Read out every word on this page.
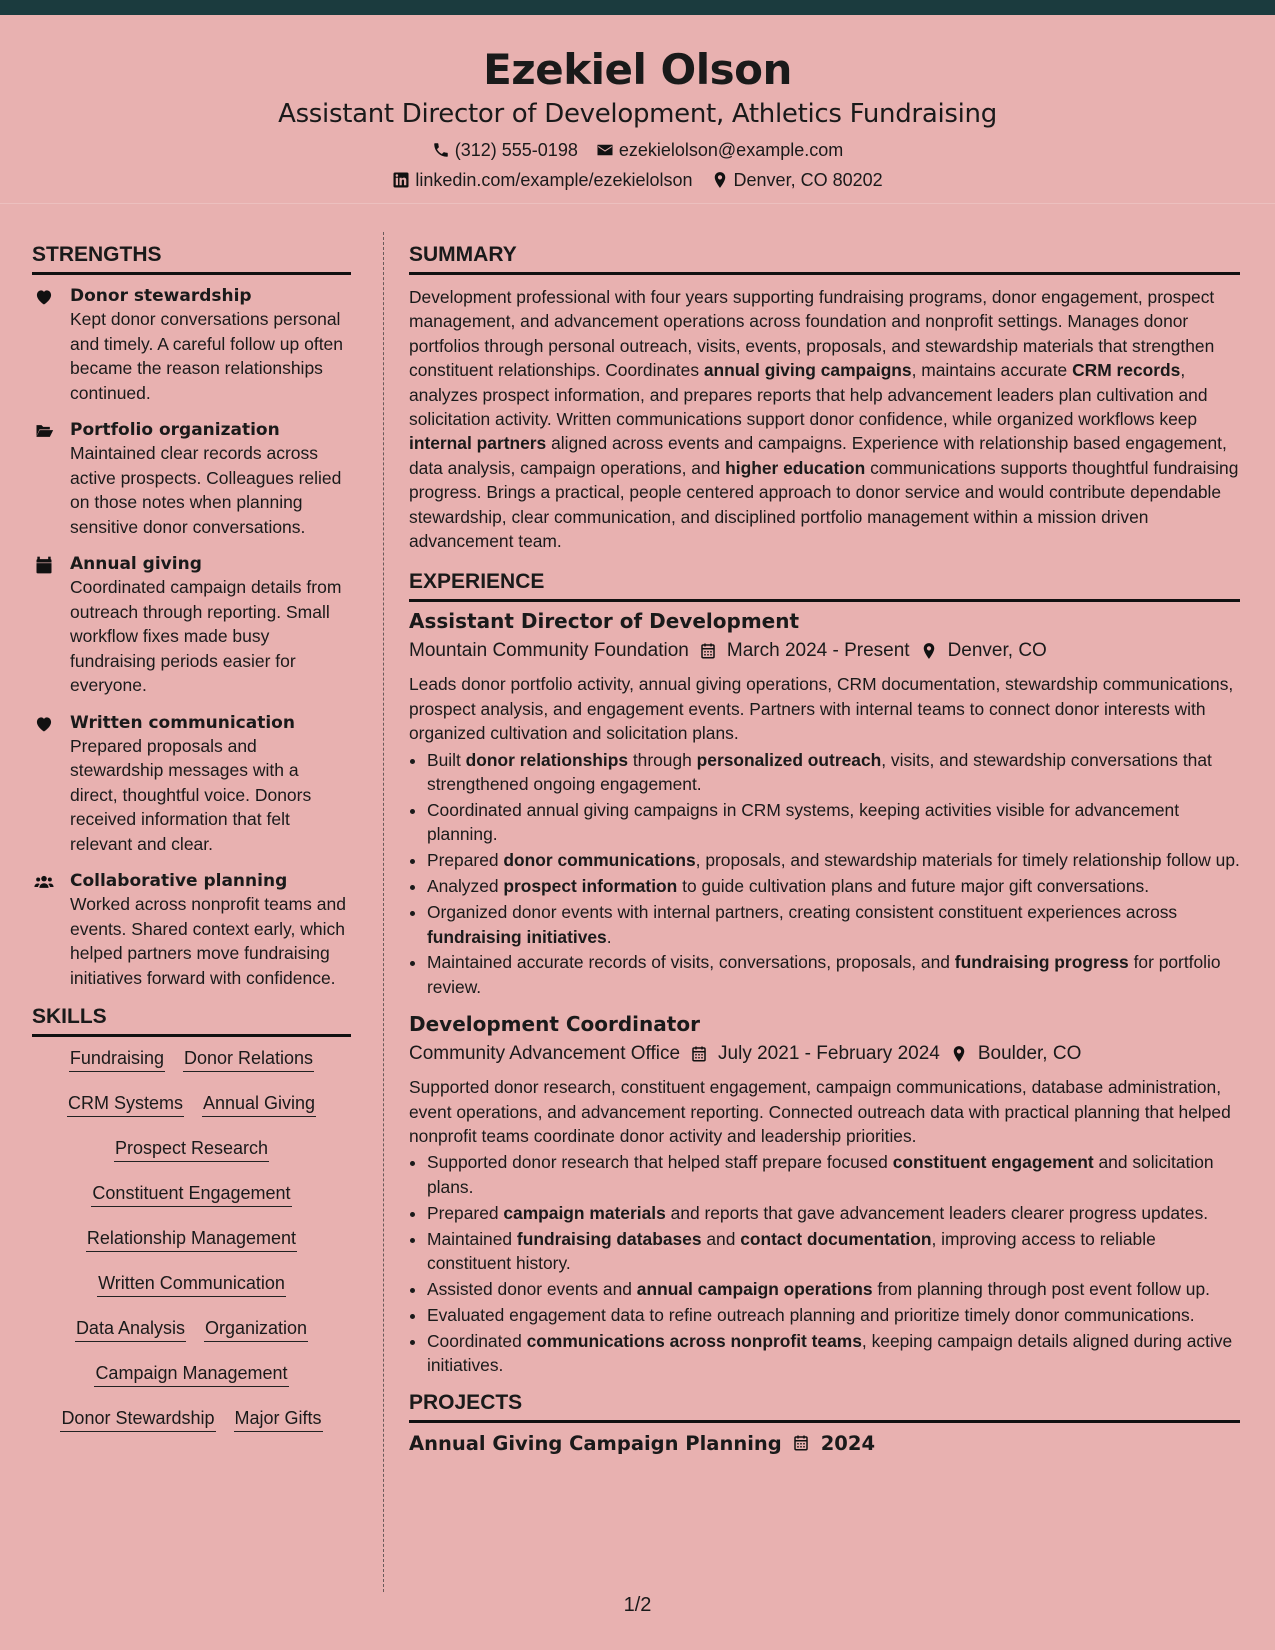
Ezekiel Olson
Assistant Director of Development, Athletics Fundraising
(312) 555-0198 ezekielolson@example.com
linkedin.com/example/ezekielolson Denver, CO 80202
STRENGTHS
Donor stewardship
Kept donor conversations personal and timely. A careful follow up often became the reason relationships continued.
Portfolio organization
Maintained clear records across active prospects. Colleagues relied on those notes when planning sensitive donor conversations.
Annual giving
Coordinated campaign details from outreach through reporting. Small workflow fixes made busy fundraising periods easier for everyone.
Written communication
Prepared proposals and stewardship messages with a direct, thoughtful voice. Donors received information that felt relevant and clear.
Collaborative planning
Worked across nonprofit teams and events. Shared context early, which helped partners move fundraising initiatives forward with confidence.
SKILLS
Fundraising Donor Relations
CRM Systems Annual Giving
Prospect Research
Constituent Engagement
Relationship Management
Written Communication
Data Analysis Organization
Campaign Management
Donor Stewardship Major Gifts
SUMMARY
Development professional with four years supporting fundraising programs, donor engagement, prospect management, and advancement operations across foundation and nonprofit settings. Manages donor portfolios through personal outreach, visits, events, proposals, and stewardship materials that strengthen constituent relationships. Coordinates annual giving campaigns, maintains accurate CRM records, analyzes prospect information, and prepares reports that help advancement leaders plan cultivation and solicitation activity. Written communications support donor confidence, while organized workflows keep internal partners aligned across events and campaigns. Experience with relationship based engagement, data analysis, campaign operations, and higher education communications supports thoughtful fundraising progress. Brings a practical, people centered approach to donor service and would contribute dependable stewardship, clear communication, and disciplined portfolio management within a mission driven advancement team.
EXPERIENCE
Assistant Director of Development
Mountain Community Foundation March 2024 - Present Denver, CO
Leads donor portfolio activity, annual giving operations, CRM documentation, stewardship communications, prospect analysis, and engagement events. Partners with internal teams to connect donor interests with organized cultivation and solicitation plans.
• Built donor relationships through personalized outreach, visits, and stewardship conversations that strengthened ongoing engagement.
• Coordinated annual giving campaigns in CRM systems, keeping activities visible for advancement planning.
• Prepared donor communications, proposals, and stewardship materials for timely relationship follow up.
• Analyzed prospect information to guide cultivation plans and future major gift conversations.
• Organized donor events with internal partners, creating consistent constituent experiences across fundraising initiatives.
• Maintained accurate records of visits, conversations, proposals, and fundraising progress for portfolio review.
Development Coordinator
Community Advancement Office July 2021 - February 2024 Boulder, CO
Supported donor research, constituent engagement, campaign communications, database administration, event operations, and advancement reporting. Connected outreach data with practical planning that helped nonprofit teams coordinate donor activity and leadership priorities.
• Supported donor research that helped staff prepare focused constituent engagement and solicitation plans.
• Prepared campaign materials and reports that gave advancement leaders clearer progress updates.
• Maintained fundraising databases and contact documentation, improving access to reliable constituent history.
• Assisted donor events and annual campaign operations from planning through post event follow up.
• Evaluated engagement data to refine outreach planning and prioritize timely donor communications.
• Coordinated communications across nonprofit teams, keeping campaign details aligned during active initiatives.
PROJECTS
Annual Giving Campaign Planning 2024
1/2
